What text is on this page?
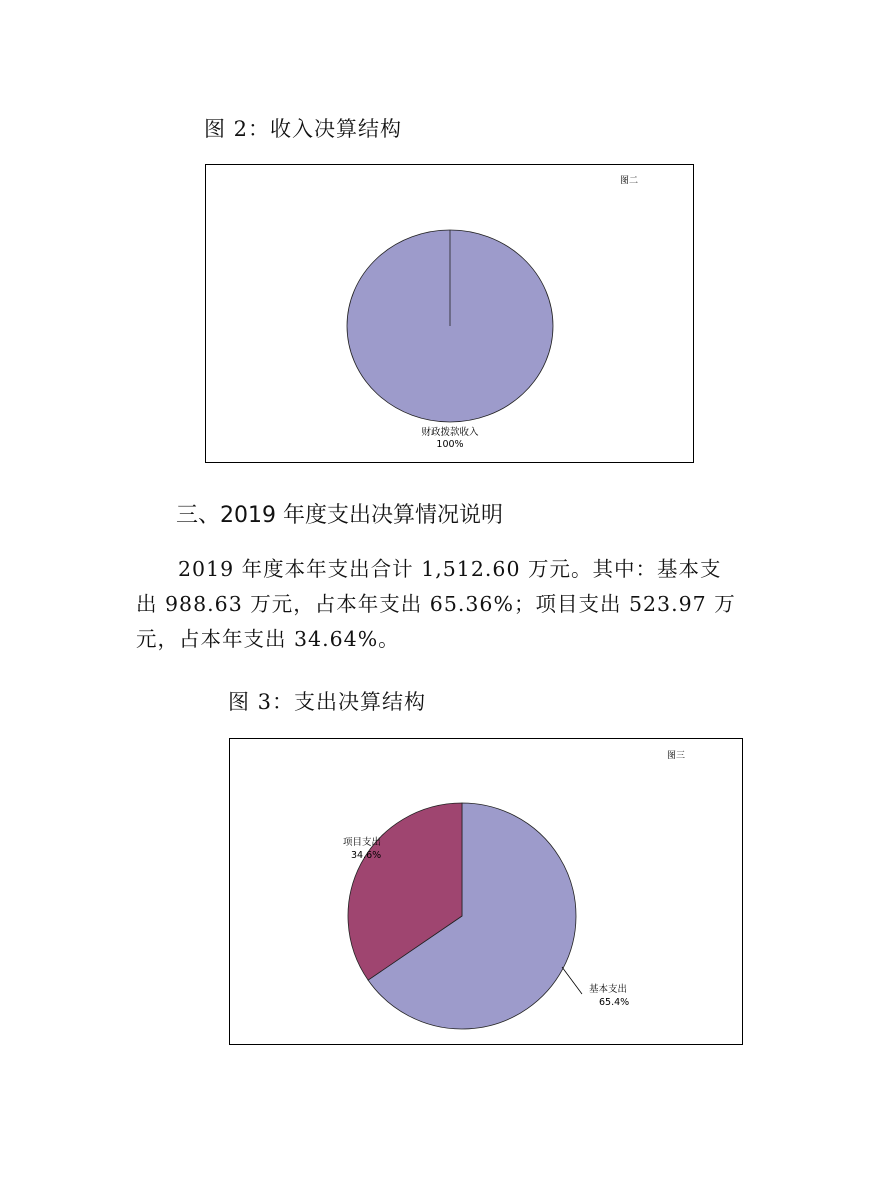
图 2：收入决算结构
图二
财政拨款收入
100%
三、2019 年度支出决算情况说明
2019 年度本年支出合计 1,512.60 万元。其中：基本支
出 988.63 万元，占本年支出 65.36%；项目支出 523.97 万
元，占本年支出 34.64%。
图 3：支出决算结构
图三
基本支出
65.4%
项目支出
34.6%
